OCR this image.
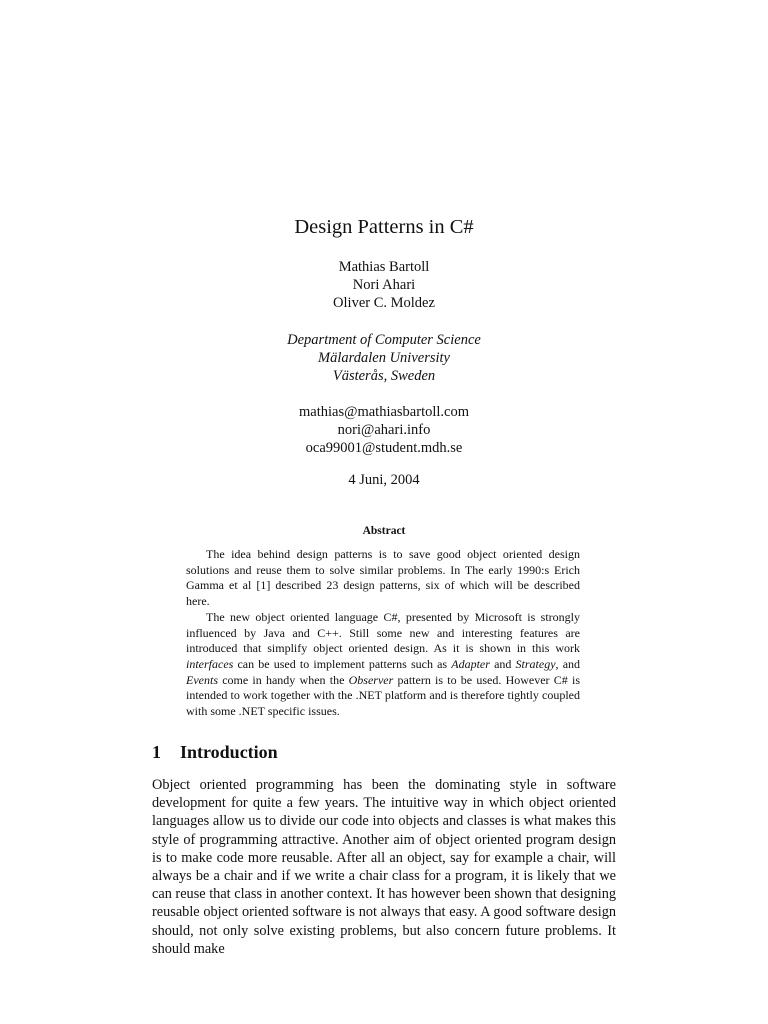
Design Patterns in C#
Mathias Bartoll
Nori Ahari
Oliver C. Moldez
Department of Computer Science
Mälardalen University
Västerås, Sweden
mathias@mathiasbartoll.com
nori@ahari.info
oca99001@student.mdh.se
4 Juni, 2004
Abstract

The idea behind design patterns is to save good object oriented design solutions and reuse them to solve similar problems. In The early 1990:s Erich Gamma et al [1] described 23 design patterns, six of which will be described here.

The new object oriented language C#, presented by Microsoft is strongly influenced by Java and C++. Still some new and interesting features are introduced that simplify object oriented design. As it is shown in this work interfaces can be used to implement patterns such as Adapter and Strategy, and Events come in handy when the Observer pattern is to be used. However C# is intended to work together with the .NET platform and is therefore tightly coupled with some .NET specific issues.

1 Introduction

Object oriented programming has been the dominating style in software development for quite a few years. The intuitive way in which object oriented languages allow us to divide our code into objects and classes is what makes this style of programming attractive. Another aim of object oriented program design is to make code more reusable. After all an object, say for example a chair, will always be a chair and if we write a chair class for a program, it is likely that we can reuse that class in another context. It has however been shown that designing reusable object oriented software is not always that easy. A good software design should, not only solve existing problems, but also concern future problems. It should make
